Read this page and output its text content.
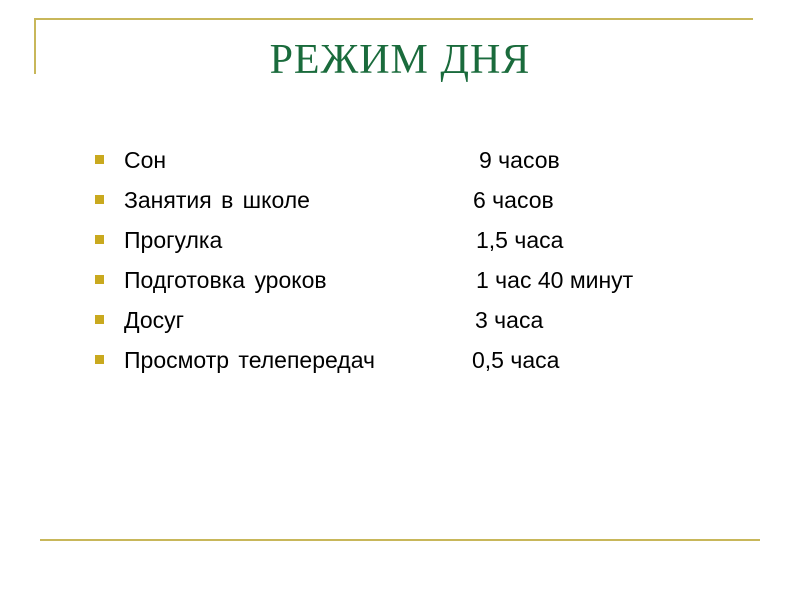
РЕЖИМ ДНЯ
Сон	9 часов
Занятия в школе	6 часов
Прогулка	1,5 часа
Подготовка уроков	1 час 40 минут
Досуг	3 часа
Просмотр телепередач	0,5 часа
